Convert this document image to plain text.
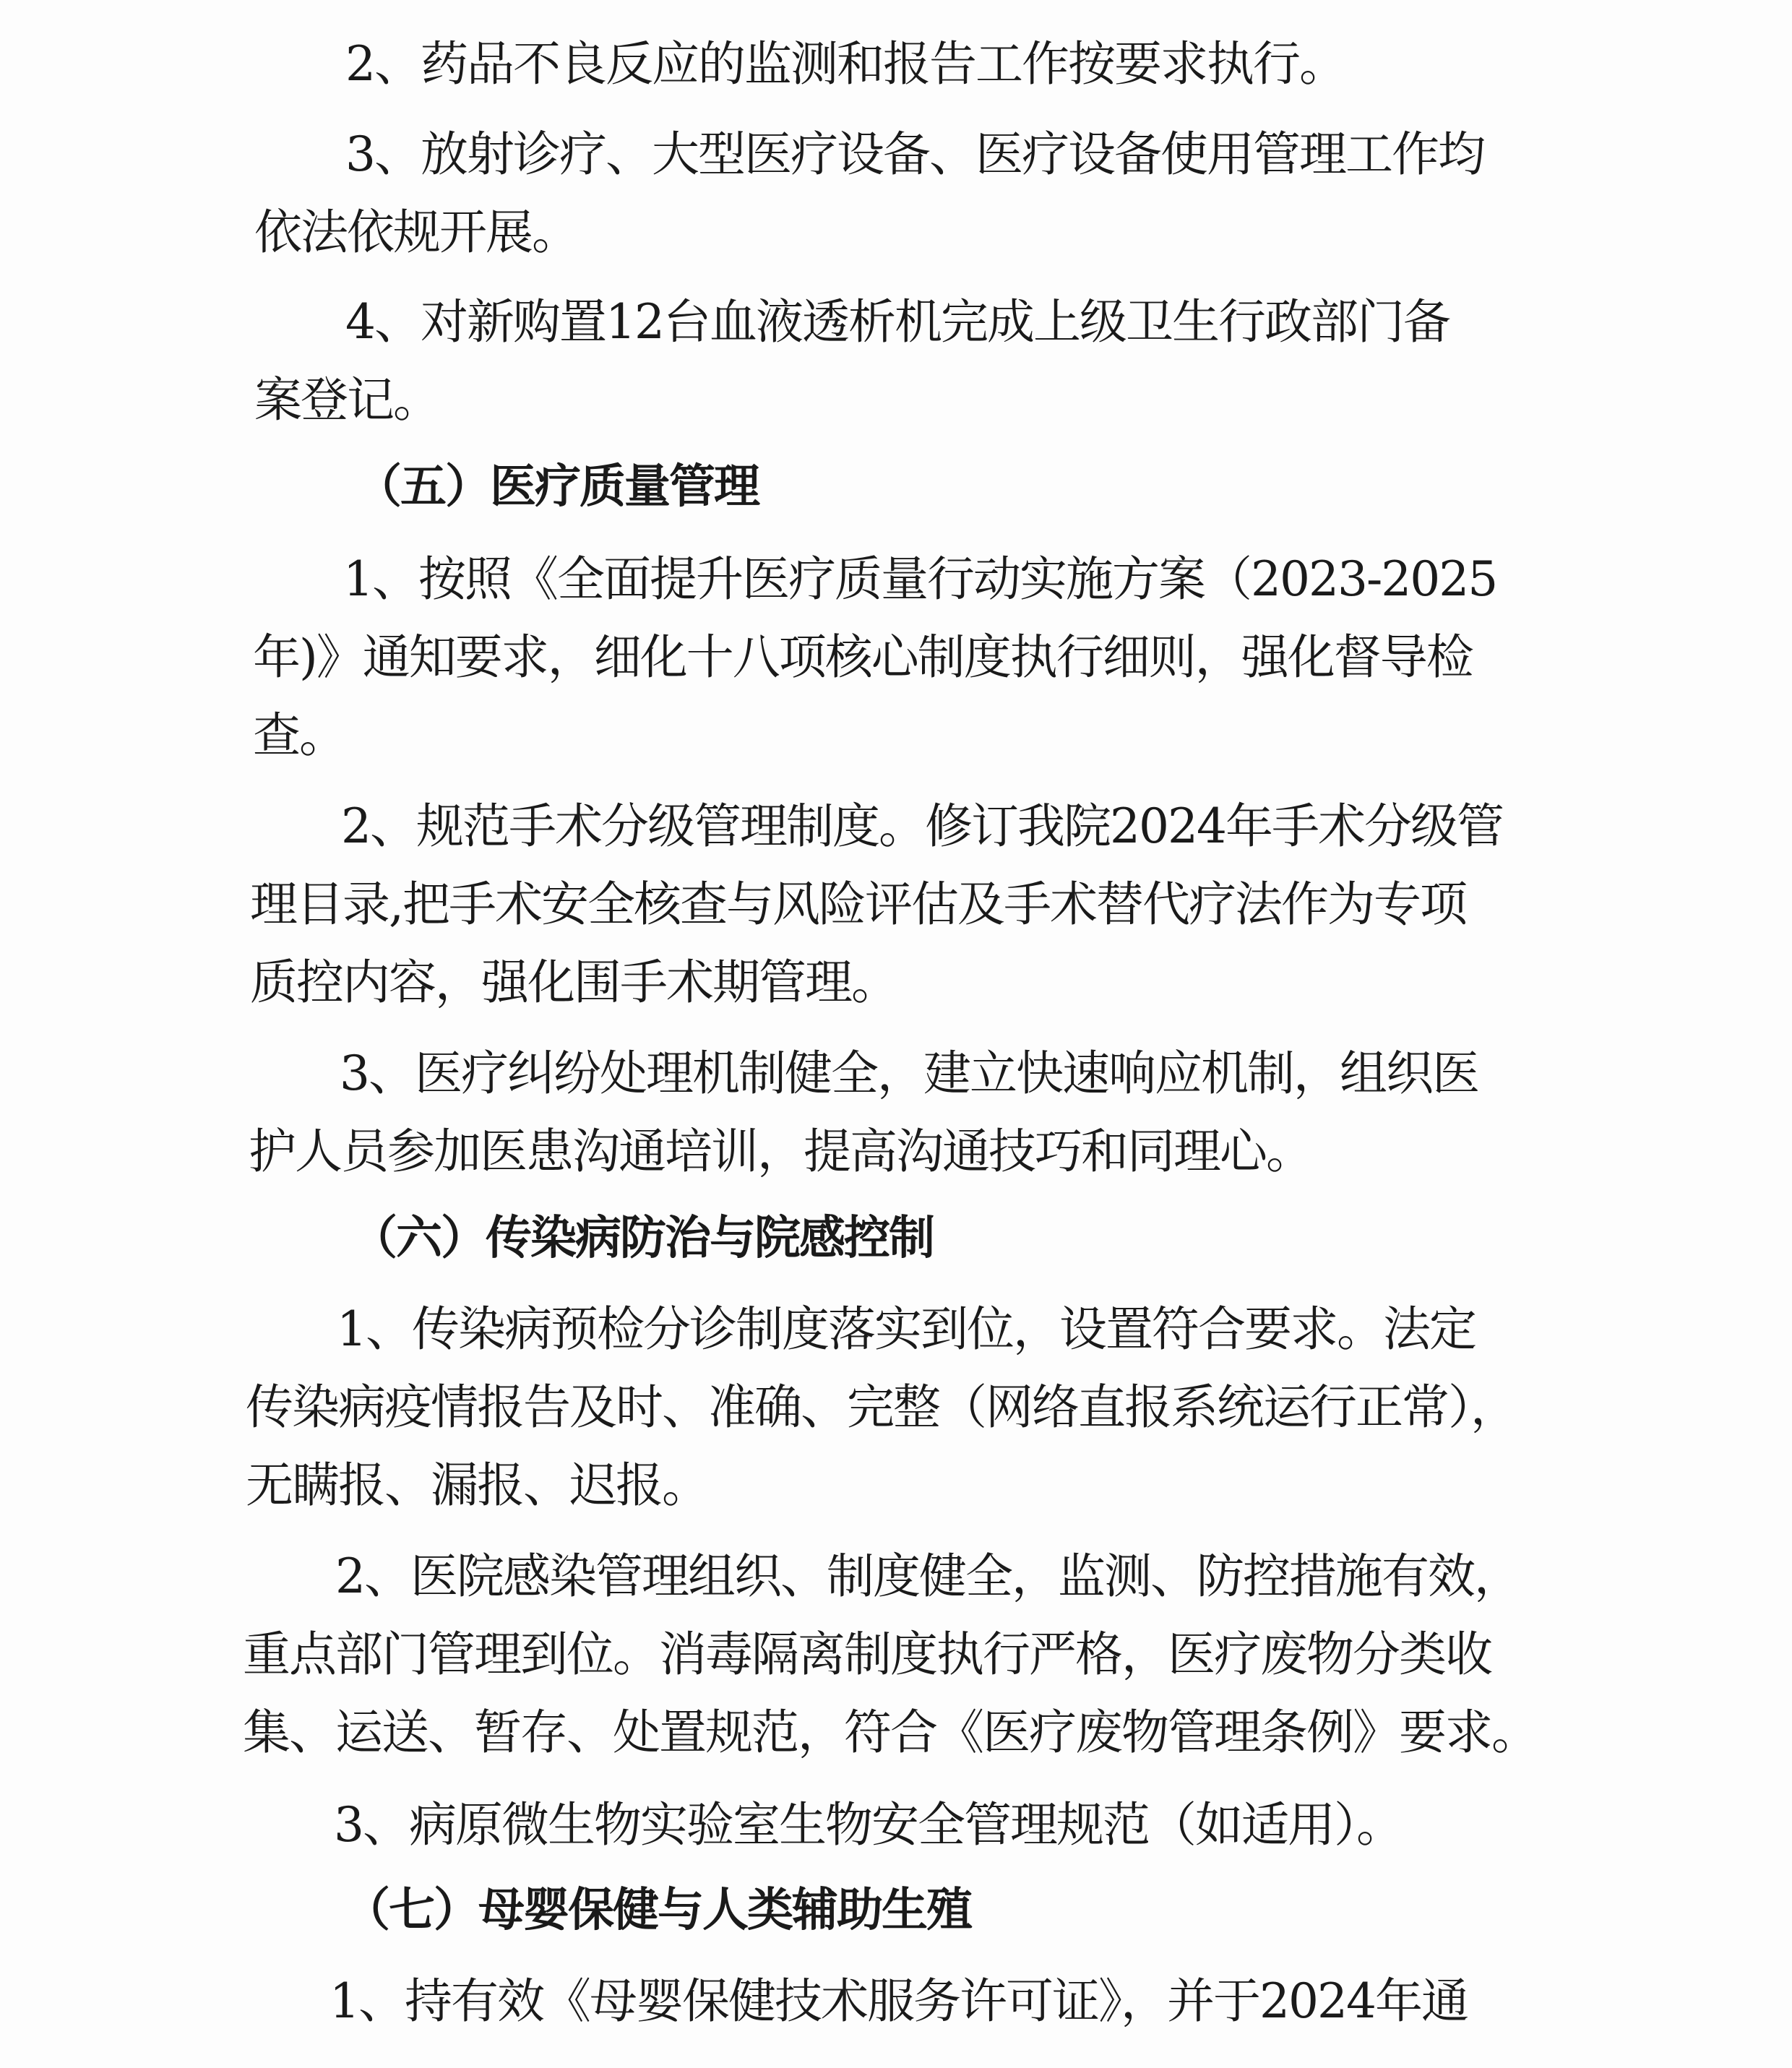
2、药品不良反应的监测和报告工作按要求执行。

3、放射诊疗、大型医疗设备、医疗设备使用管理工作均
依法依规开展。

4、对新购置12台血液透析机完成上级卫生行政部门备
案登记。

（五）医疗质量管理

1、按照《全面提升医疗质量行动实施方案（2023-2025
年)》通知要求，细化十八项核心制度执行细则，强化督导检
查。

2、规范手术分级管理制度。修订我院2024年手术分级管
理目录,把手术安全核查与风险评估及手术替代疗法作为专项
质控内容，强化围手术期管理。

3、医疗纠纷处理机制健全，建立快速响应机制，组织医
护人员参加医患沟通培训，提高沟通技巧和同理心。

（六）传染病防治与院感控制

1、传染病预检分诊制度落实到位，设置符合要求。法定
传染病疫情报告及时、准确、完整（网络直报系统运行正常），
无瞒报、漏报、迟报。

2、医院感染管理组织、制度健全，监测、防控措施有效，
重点部门管理到位。消毒隔离制度执行严格，医疗废物分类收
集、运送、暂存、处置规范，符合《医疗废物管理条例》要求。

3、病原微生物实验室生物安全管理规范（如适用）。

（七）母婴保健与人类辅助生殖

1、持有效《母婴保健技术服务许可证》，并于2024年通
